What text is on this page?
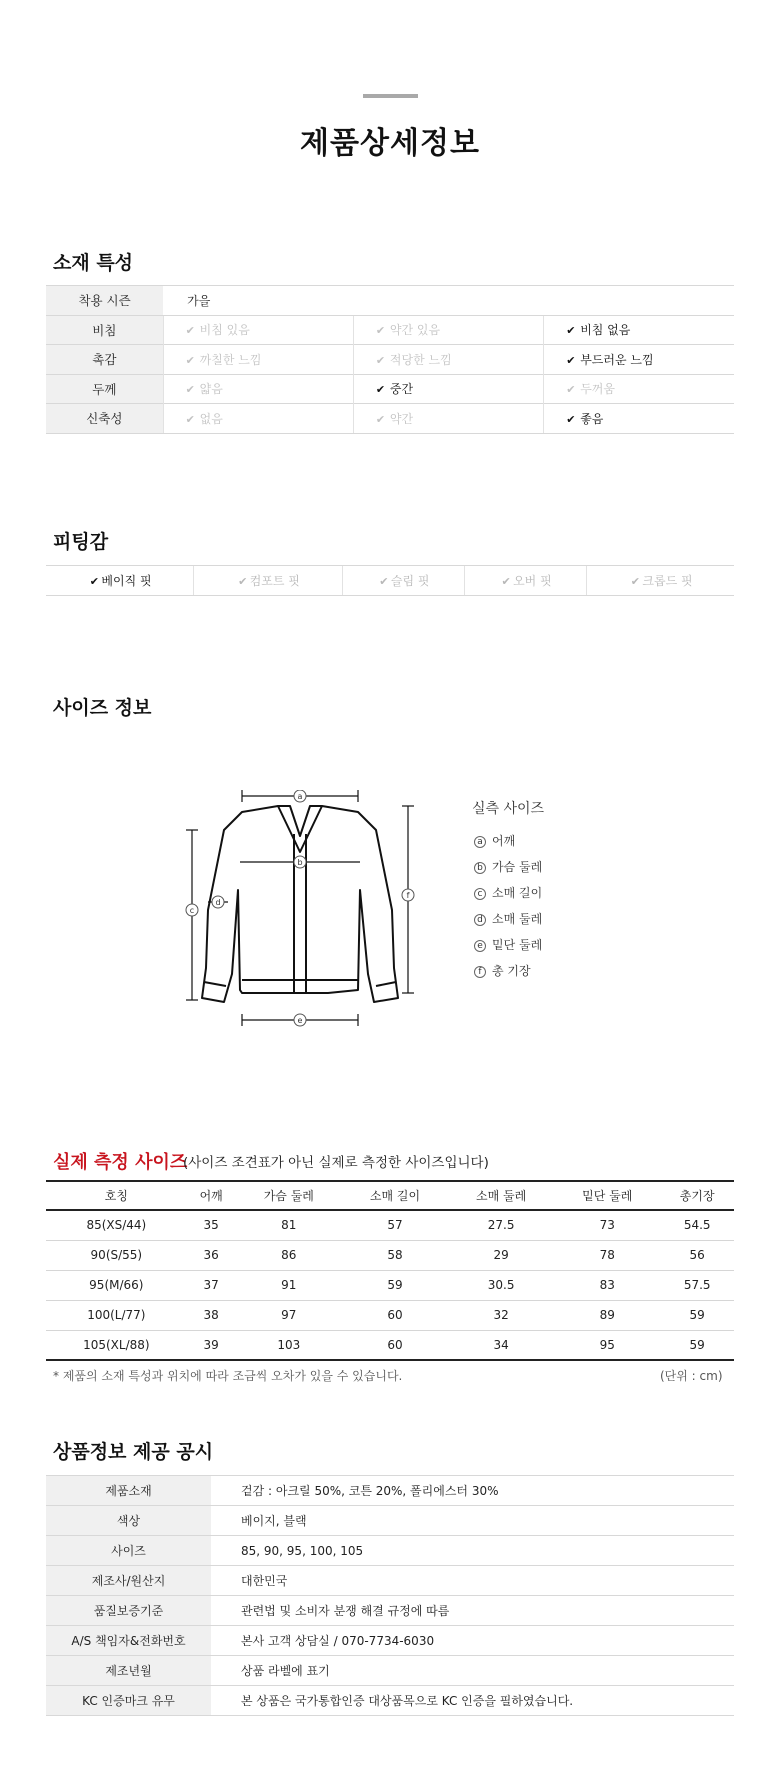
제품상세정보
소재 특성
착용 시즌	가을		
비침	✔ 비침 있음	✔ 약간 있음	✔ 비침 없음
촉감	✔ 까칠한 느낌	✔ 적당한 느낌	✔ 부드러운 느낌
두께	✔ 얇음	✔ 중간	✔ 두꺼움
신축성	✔ 없음	✔ 약간	✔ 좋음
피팅감
✔ 베이직 핏	✔ 컴포트 핏	✔ 슬림 핏	✔ 오버 핏	✔ 크롭드 핏
사이즈 정보
a
b
c
d
e
f
실측 사이즈
a 어깨
b 가슴 둘레
c 소매 길이
d 소매 둘레
e 밑단 둘레
f 총 기장
실제 측정 사이즈
(사이즈 조견표가 아닌 실제로 측정한 사이즈입니다)
호칭	어깨	가슴 둘레	소매 길이	소매 둘레	밑단 둘레	총기장
85(XS/44)	35	81	57	27.5	73	54.5
90(S/55)	36	86	58	29	78	56
95(M/66)	37	91	59	30.5	83	57.5
100(L/77)	38	97	60	32	89	59
105(XL/88)	39	103	60	34	95	59
* 제품의 소재 특성과 위치에 따라 조금씩 오차가 있을 수 있습니다.	(단위 : cm)
상품정보 제공 공시
제품소재	겉감 : 아크릴 50%, 코튼 20%, 폴리에스터 30%
색상	베이지, 블랙
사이즈	85, 90, 95, 100, 105
제조사/원산지	대한민국
품질보증기준	관련법 및 소비자 분쟁 해결 규정에 따름
A/S 책임자&전화번호	본사 고객 상담실 / 070-7734-6030
제조년월	상품 라벨에 표기
KC 인증마크 유무	본 상품은 국가통합인증 대상품목으로 KC 인증을 필하였습니다.
